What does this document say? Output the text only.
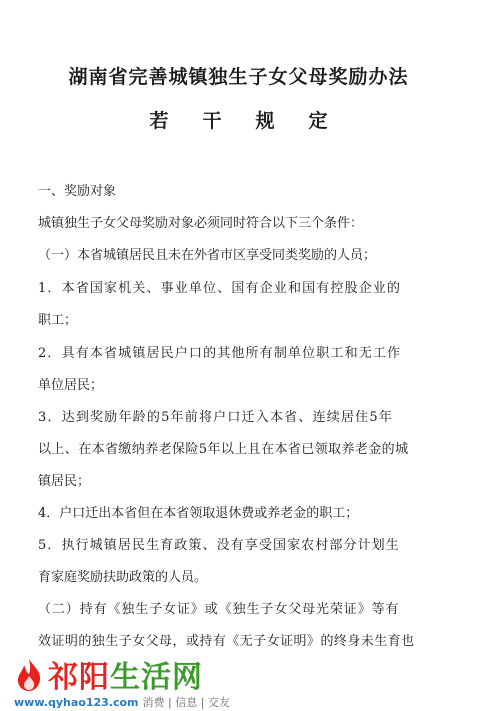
湖南省完善城镇独生子女父母奖励办法
若 干 规 定
一、奖励对象
城镇独生子女父母奖励对象必须同时符合以下三个条件：
（一）本省城镇居民且未在外省市区享受同类奖励的人员；
1．本省国家机关、事业单位、国有企业和国有控股企业的
职工；
2．具有本省城镇居民户口的其他所有制单位职工和无工作
单位居民；
3．达到奖励年龄的5年前将户口迁入本省、连续居住5年
以上、在本省缴纳养老保险5年以上且在本省已领取养老金的城
镇居民；
4．户口迁出本省但在本省领取退休费或养老金的职工；
5．执行城镇居民生育政策、没有享受国家农村部分计划生
育家庭奖励扶助政策的人员。
（二）持有《独生子女证》或《独生子女父母光荣证》等有
效证明的独生子女父母，或持有《无子女证明》的终身未生育也
祁阳生活网
www.qyhao123.com 消费 | 信息 | 交友
